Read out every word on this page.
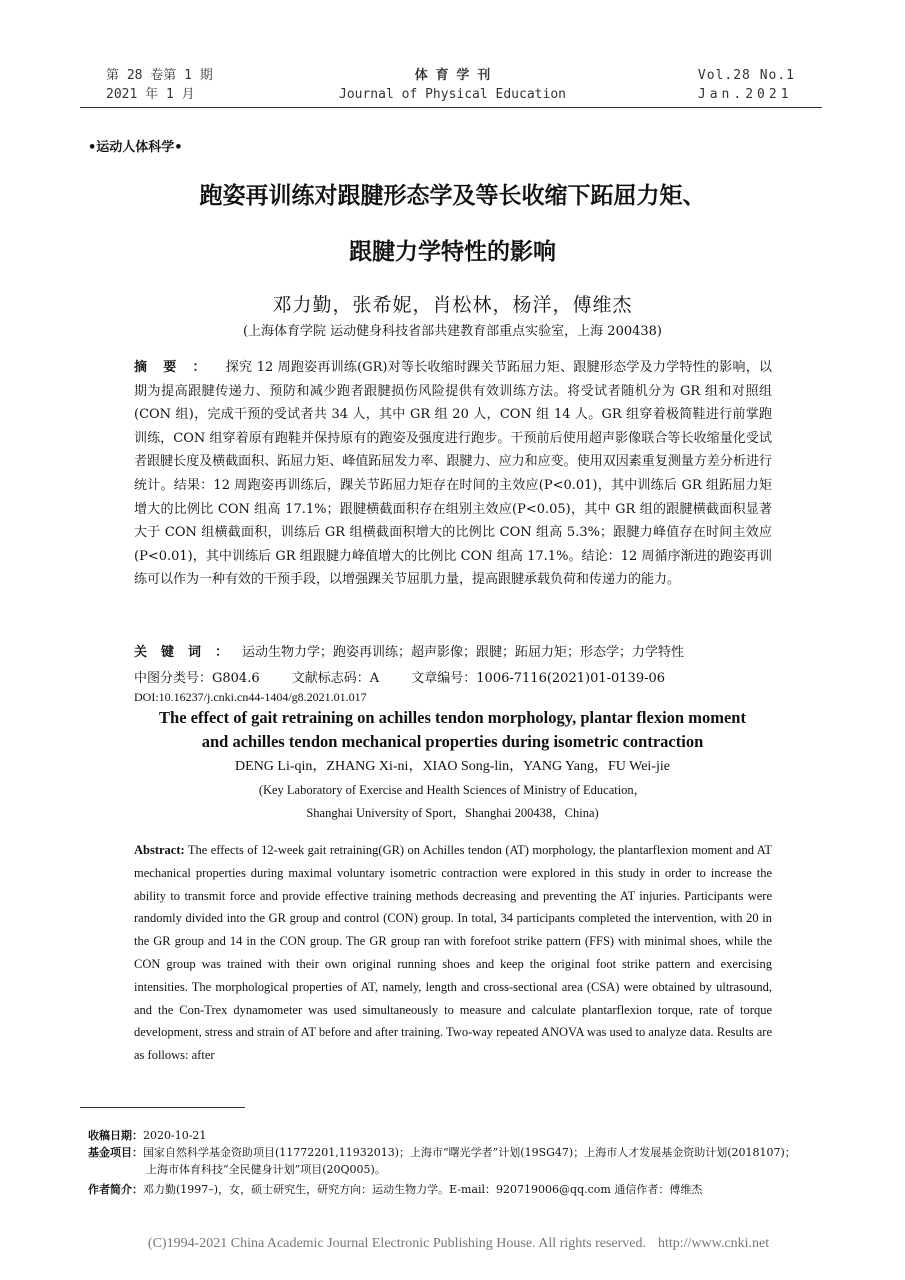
第 28 卷第 1 期
2021 年 1 月
体 育 学 刊
Journal of Physical Education
Vol.28 No.1
Jan.2021
•运动人体科学•
跑姿再训练对跟腱形态学及等长收缩下跖屈力矩、
跟腱力学特性的影响
邓力勤，张希妮，肖松林，杨洋，傅维杰
(上海体育学院 运动健身科技省部共建教育部重点实验室，上海 200438)
摘要： 探究 12 周跑姿再训练(GR)对等长收缩时踝关节跖屈力矩、跟腱形态学及力学特性的影响，以期为提高跟腱传递力、预防和减少跑者跟腱损伤风险提供有效训练方法。将受试者随机分为 GR 组和对照组(CON 组)，完成干预的受试者共 34 人，其中 GR 组 20 人，CON 组 14 人。GR 组穿着极简鞋进行前掌跑训练，CON 组穿着原有跑鞋并保持原有的跑姿及强度进行跑步。干预前后使用超声影像联合等长收缩量化受试者跟腱长度及横截面积、跖屈力矩、峰值跖屈发力率、跟腱力、应力和应变。使用双因素重复测量方差分析进行统计。结果：12 周跑姿再训练后，踝关节跖屈力矩存在时间的主效应(P<0.01)，其中训练后 GR 组跖屈力矩增大的比例比 CON 组高 17.1%；跟腱横截面积存在组别主效应(P<0.05)，其中 GR 组的跟腱横截面积显著大于 CON 组横截面积，训练后 GR 组横截面积增大的比例比 CON 组高 5.3%；跟腱力峰值存在时间主效应(P<0.01)，其中训练后 GR 组跟腱力峰值增大的比例比 CON 组高 17.1%。结论：12 周循序渐进的跑姿再训练可以作为一种有效的干预手段，以增强踝关节屈肌力量，提高跟腱承载负荷和传递力的能力。
关键词：运动生物力学；跑姿再训练；超声影像；跟腱；跖屈力矩；形态学；力学特性
中图分类号：G804.6 文献标志码：A 文章编号：1006-7116(2021)01-0139-06
DOI:10.16237/j.cnki.cn44-1404/g8.2021.01.017
The effect of gait retraining on achilles tendon morphology, plantar flexion moment
and achilles tendon mechanical properties during isometric contraction
DENG Li-qin，ZHANG Xi-ni，XIAO Song-lin，YANG Yang，FU Wei-jie
(Key Laboratory of Exercise and Health Sciences of Ministry of Education，
Shanghai University of Sport，Shanghai 200438，China)
Abstract: The effects of 12-week gait retraining(GR) on Achilles tendon (AT) morphology, the plantarflexion moment and AT mechanical properties during maximal voluntary isometric contraction were explored in this study in order to increase the ability to transmit force and provide effective training methods decreasing and preventing the AT injuries. Participants were randomly divided into the GR group and control (CON) group. In total, 34 participants completed the intervention, with 20 in the GR group and 14 in the CON group. The GR group ran with forefoot strike pattern (FFS) with minimal shoes, while the CON group was trained with their own original running shoes and keep the original foot strike pattern and exercising intensities. The morphological properties of AT, namely, length and cross-sectional area (CSA) were obtained by ultrasound, and the Con-Trex dynamometer was used simultaneously to measure and calculate plantarflexion torque, rate of torque development, stress and strain of AT before and after training. Two-way repeated ANOVA was used to analyze data. Results are as follows: after
收稿日期：2020-10-21
基金项目：国家自然科学基金资助项目(11772201,11932013)；上海市“曙光学者”计划(19SG47)；上海市人才发展基金资助计划(2018107)；
上海市体育科技“全民健身计划”项目(20Q005)。
作者简介：邓力勤(1997–)，女，硕士研究生，研究方向：运动生物力学。E-mail：920719006@qq.com 通信作者：傅维杰
(C)1994-2021 China Academic Journal Electronic Publishing House. All rights reserved. http://www.cnki.net
